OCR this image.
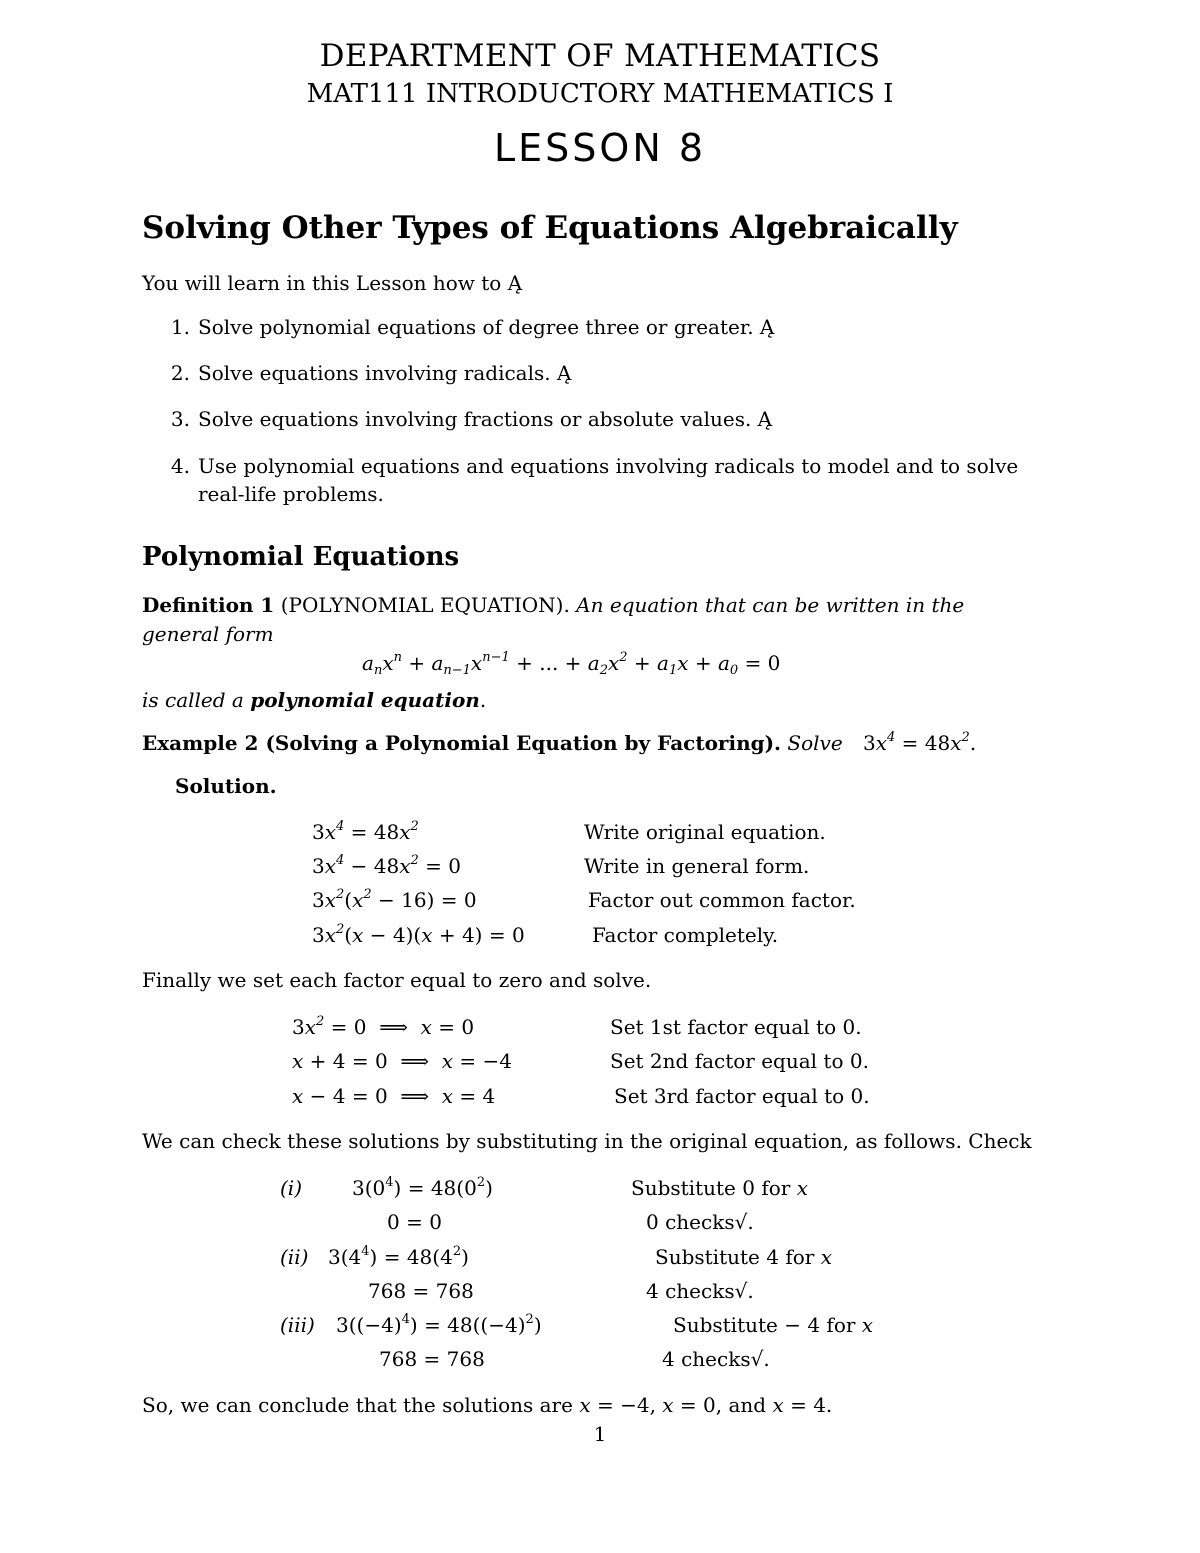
DEPARTMENT OF MATHEMATICS
MAT111 INTRODUCTORY MATHEMATICS I
LESSON 8
Solving Other Types of Equations Algebraically
You will learn in this Lesson how to Ą
1. Solve polynomial equations of degree three or greater. Ą
2. Solve equations involving radicals. Ą
3. Solve equations involving fractions or absolute values. Ą
4. Use polynomial equations and equations involving radicals to model and to solve
real-life problems.
Polynomial Equations
Definition 1 (POLYNOMIAL EQUATION). An equation that can be written in the
general form
$a_nx^n + a_{n-1}x^{n-1}$ + ... + $a_2x^2 + a_1x + a_0 = 0$
is called a polynomial equation.
Example 2 (Solving a Polynomial Equation by Factoring). Solve $3x^4 = 48x^2$.
Solution.
$3x^4 = 48x^2$	Write original equation.
$3x^4 - 48x^2 = 0$	Write in general form.
$3x^2(x^2 - 16) = 0$	Factor out common factor.
$3x^2(x - 4)(x + 4) = 0$	Factor completely.
Finally we set each factor equal to zero and solve.
$3x^2 = 0$  ⟹  x = 0	Set 1st factor equal to 0.
x + 4 = 0  ⟹  x = −4	Set 2nd factor equal to 0.
x − 4 = 0  ⟹  x = 4	Set 3rd factor equal to 0.
We can check these solutions by substituting in the original equation, as follows. Check
(i) $3(0^4) = 48(0^2)$	Substitute 0 for x
0 = 0	0 checks√.
(ii) $3(4^4) = 48(4^2)$	Substitute 4 for x
768 = 768	4 checks√.
(iii) $3((-4)^4) = 48((-4)^2)$	Substitute − 4 for x
768 = 768	4 checks√.
So, we can conclude that the solutions are x = −4, x = 0, and x = 4.
1
